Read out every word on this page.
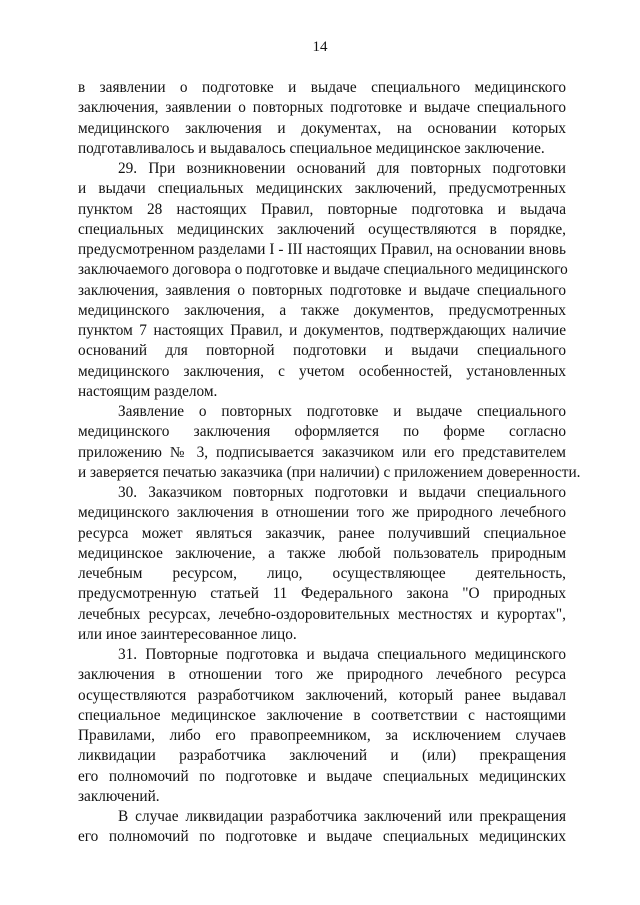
14
в заявлении о подготовке и выдаче специального медицинского
заключения, заявлении о повторных подготовке и выдаче специального
медицинского заключения и документах, на основании которых
подготавливалось и выдавалось специальное медицинское заключение.
29. При возникновении оснований для повторных подготовки
и выдачи специальных медицинских заключений, предусмотренных
пунктом 28 настоящих Правил, повторные подготовка и выдача
специальных медицинских заключений осуществляются в порядке,
предусмотренном разделами I - III настоящих Правил, на основании вновь
заключаемого договора о подготовке и выдаче специального медицинского
заключения, заявления о повторных подготовке и выдаче специального
медицинского заключения, а также документов, предусмотренных
пунктом 7 настоящих Правил, и документов, подтверждающих наличие
оснований для повторной подготовки и выдачи специального
медицинского заключения, с учетом особенностей, установленных
настоящим разделом.
Заявление о повторных подготовке и выдаче специального
медицинского заключения оформляется по форме согласно
приложению № 3, подписывается заказчиком или его представителем
и заверяется печатью заказчика (при наличии) с приложением доверенности.
30. Заказчиком повторных подготовки и выдачи специального
медицинского заключения в отношении того же природного лечебного
ресурса может являться заказчик, ранее получивший специальное
медицинское заключение, а также любой пользователь природным
лечебным ресурсом, лицо, осуществляющее деятельность,
предусмотренную статьей 11 Федерального закона "О природных
лечебных ресурсах, лечебно-оздоровительных местностях и курортах",
или иное заинтересованное лицо.
31. Повторные подготовка и выдача специального медицинского
заключения в отношении того же природного лечебного ресурса
осуществляются разработчиком заключений, который ранее выдавал
специальное медицинское заключение в соответствии с настоящими
Правилами, либо его правопреемником, за исключением случаев
ликвидации разработчика заключений и (или) прекращения
его полномочий по подготовке и выдаче специальных медицинских
заключений.
В случае ликвидации разработчика заключений или прекращения
его полномочий по подготовке и выдаче специальных медицинских
